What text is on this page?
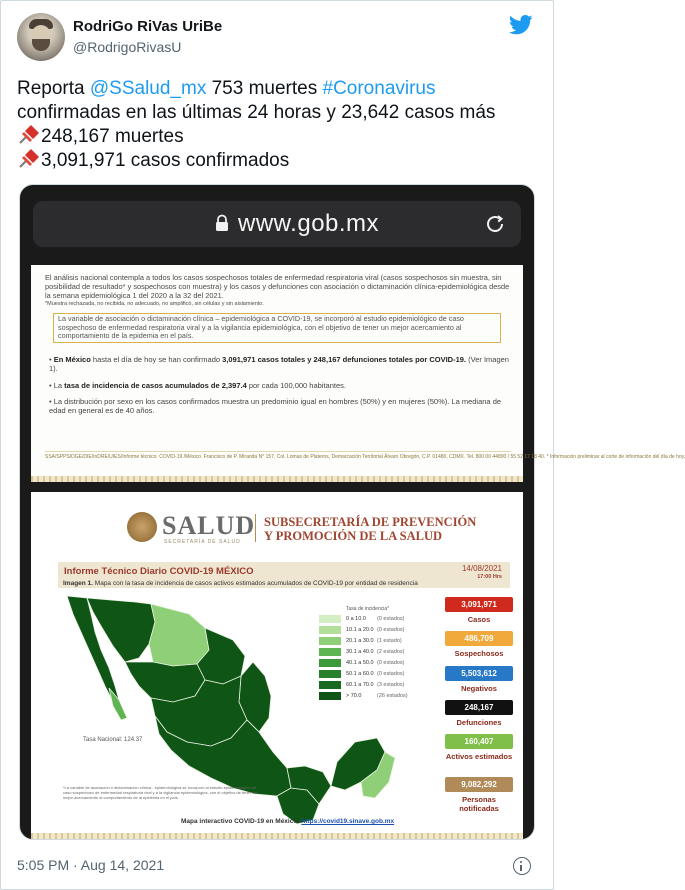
RodriGo RiVas UriBe
@RodrigoRivasU

Reporta @SSalud_mx 753 muertes #Coronavirus

confirmadas en las últimas 24 horas y 23,642 casos más

248,167 muertes

3,091,971 casos confirmados

www.gob.mx
El análisis nacional contempla a todos los casos sospechosos totales de enfermedad respiratoria viral (casos sospechosos sin muestra, sin posibilidad de resultado* y sospechosos con muestra) y los casos y defunciones con asociación o dictaminación clínica-epidemiológica desde la semana epidemiológica 1 del 2020 a la 32 del 2021.
*Muestra rechazada, no recibida, no adecuado, no amplificó, sin células y sin aislamiento.
La variable de asociación o dictaminación clínica – epidemiológica a COVID-19, se incorporó al estudio epidemiológico de caso sospechoso de enfermedad respiratoria viral y a la vigilancia epidemiológica, con el objetivo de tener un mejor acercamiento al comportamiento de la epidemia en el país.
• En México hasta el día de hoy se han confirmado 3,091,971 casos totales y 248,167 defunciones totales por COVID-19. (Ver Imagen 1).
• La tasa de incidencia de casos acumulados de 2,397.4 por cada 100,000 habitantes.
• La distribución por sexo en los casos confirmados muestra un predominio igual en hombres (50%) y en mujeres (50%). La mediana de edad en general es de 40 años.
SSA/SPPS/DGE/DIE/InDRE/UIES/Informe técnico. COVID-19 /México. Francisco de P. Miranda N° 157, Col. Lomas de Plateros, Demarcación Territorial Álvaro Obregón, C.P. 01480, CDMX. Tel. 800 00 44800 / 55 52 17 18 40. * Información preliminar al corte de información del día de hoy.
SALUD
SECRETARÍA DE SALUD
SUBSECRETARÍA DE PREVENCIÓN Y PROMOCIÓN DE LA SALUD
Informe Técnico Diario COVID-19 MÉXICO	14/08/2021
17:00 Hrs
Imagen 1. Mapa con la tasa de incidencia de casos activos estimados acumulados de COVID-19 por entidad de residencia
Tasa de incidencia*
0 a 10.0 (0 estados)
10.1 a 20.0 (0 estados)
20.1 a 30.0 (1 estado)
30.1 a 40.0 (2 estados)
40.1 a 50.0 (0 estados)
50.1 a 60.0 (0 estados)
60.1 a 70.0 (3 estados)
> 70.0	(26 estados)
3,091,971
Casos
486,709
Sospechosos
5,503,612
Negativos
248,167
Defunciones
160,407
Activos estimados
9,082,292
Personas notificadas
Tasa Nacional: 124.37
*La variable de asociación o dictaminación clínica - epidemiológica se incorporó al estudio epidemiológico de caso sospechoso de enfermedad respiratoria viral y a la vigilancia epidemiológica, con el objetivo de tener un mejor acercamiento al comportamiento de la epidemia en el país.
Mapa interactivo COVID-19 en México: https://covid19.sinave.gob.mx
5:05 PM · Aug 14, 2021
